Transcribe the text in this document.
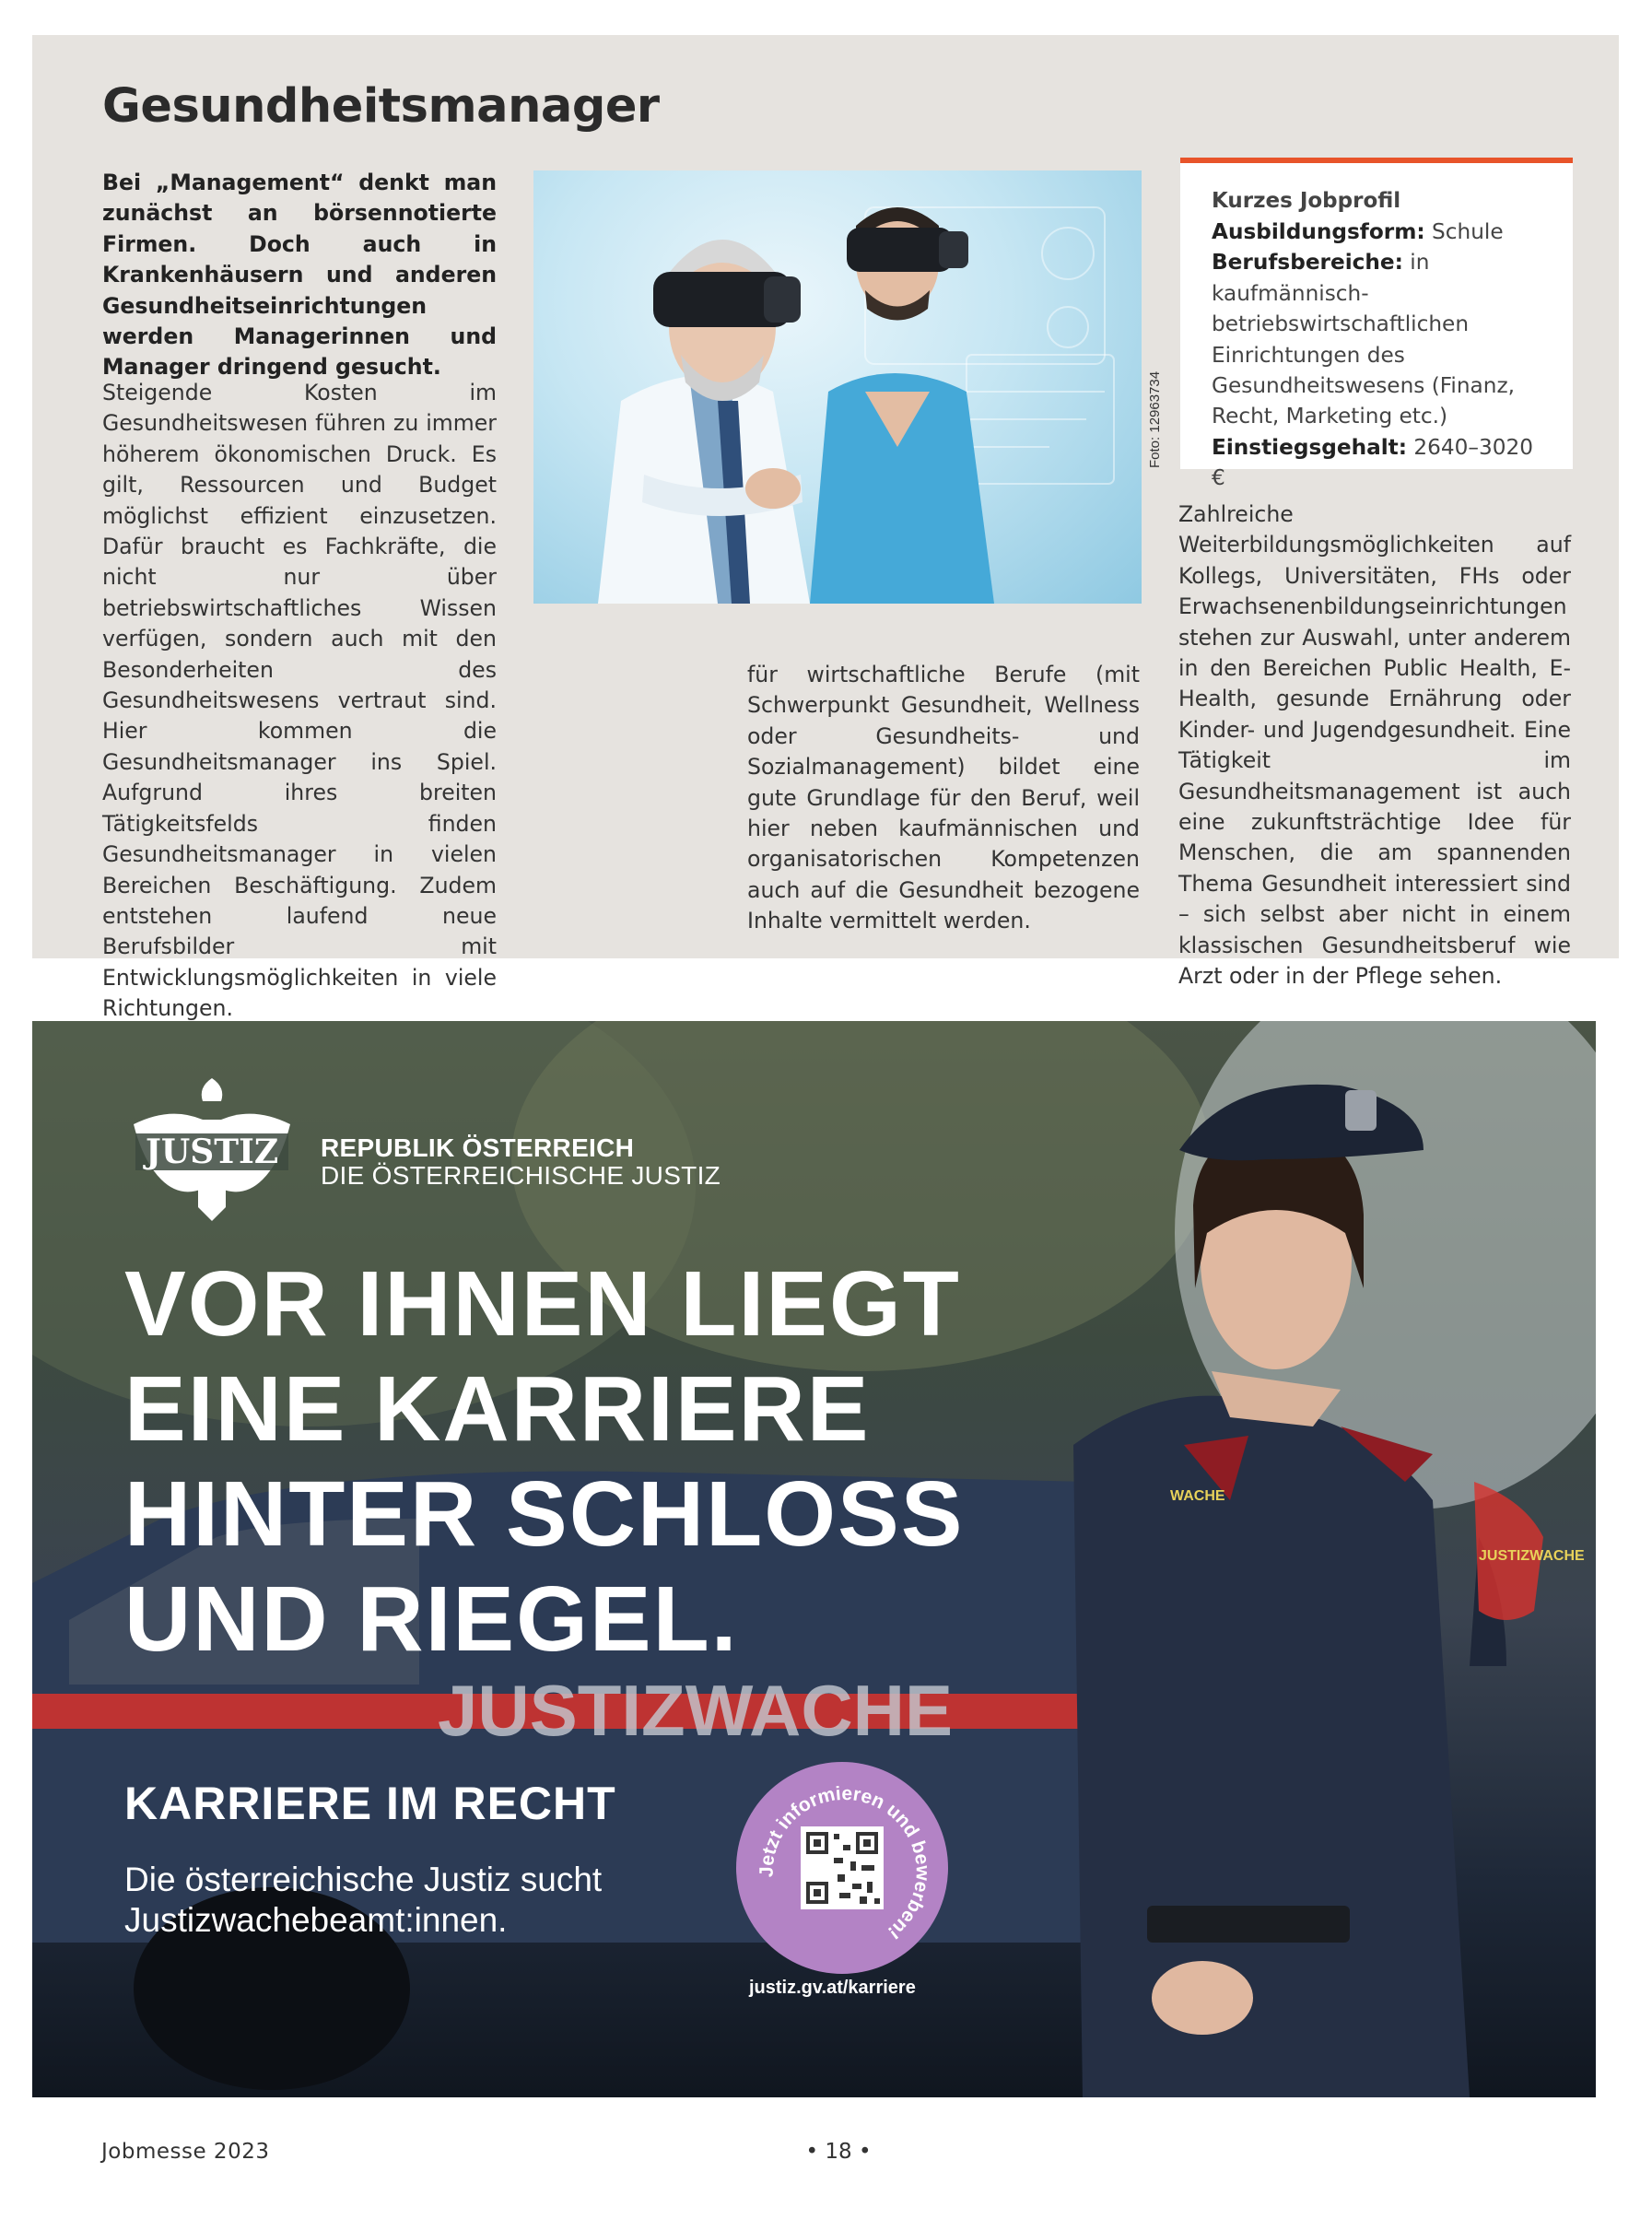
Gesundheitsmanager

Bei „Management“ denkt man zunächst an börsennotierte Firmen. Doch auch in Krankenhäusern und anderen Gesundheitseinrichtungen werden Managerinnen und Manager dringend gesucht.

Steigende Kosten im Gesundheitswesen führen zu immer höherem ökonomischen Druck. Es gilt, Ressourcen und Budget möglichst effizient einzusetzen. Dafür braucht es Fachkräfte, die nicht nur über betriebswirtschaftliches Wissen verfügen, sondern auch mit den Besonderheiten des Gesundheitswesens vertraut sind. Hier kommen die Gesundheitsmanager ins Spiel. Aufgrund ihres breiten Tätigkeitsfelds finden Gesundheitsmanager in vielen Bereichen Beschäftigung. Zudem entstehen laufend neue Berufsbilder mit Entwicklungsmöglichkeiten in viele Richtungen.

Foto: 12963734
für wirtschaftliche Berufe (mit Schwerpunkt Gesundheit, Wellness oder Gesundheits- und Sozialmanagement) bildet eine gute Grundlage für den Beruf, weil hier neben kaufmännischen und organisatorischen Kompetenzen auch auf die Gesundheit bezogene Inhalte vermittelt werden.
Kurzes Jobprofil
Ausbildungsform: Schule
Berufsbereiche: in kaufmännisch-betriebswirtschaftlichen Einrichtungen des Gesundheitswesens (Finanz, Recht, Marketing etc.)
Einstiegsgehalt: 2640–3020 €
Zahlreiche Weiterbildungsmöglichkeiten auf Kollegs, Universitäten, FHs oder Erwachsenenbildungseinrichtungen stehen zur Auswahl, unter anderem in den Bereichen Public Health, E-Health, gesunde Ernährung oder Kinder- und Jugendgesundheit. Eine Tätigkeit im Gesundheitsmanagement ist auch eine zukunftsträchtige Idee für Menschen, die am spannenden Thema Gesundheit interessiert sind – sich selbst aber nicht in einem klassischen Gesundheitsberuf wie Arzt oder in der Pflege sehen.
JUSTIZWACHE
JUSTIZWACHE
WACHE
JUSTIZ REPUBLIK ÖSTERREICH
DIE ÖSTERREICHISCHE JUSTIZ
VOR IHNEN LIEGT
EINE KARRIERE
HINTER SCHLOSS
UND RIEGEL.
KARRIERE IM RECHT
Die österreichische Justiz sucht
Justizwachebeamt:innen.
Jetzt informieren und bewerben!
justiz.gv.at/karriere
Jobmesse 2023	• 18 •
